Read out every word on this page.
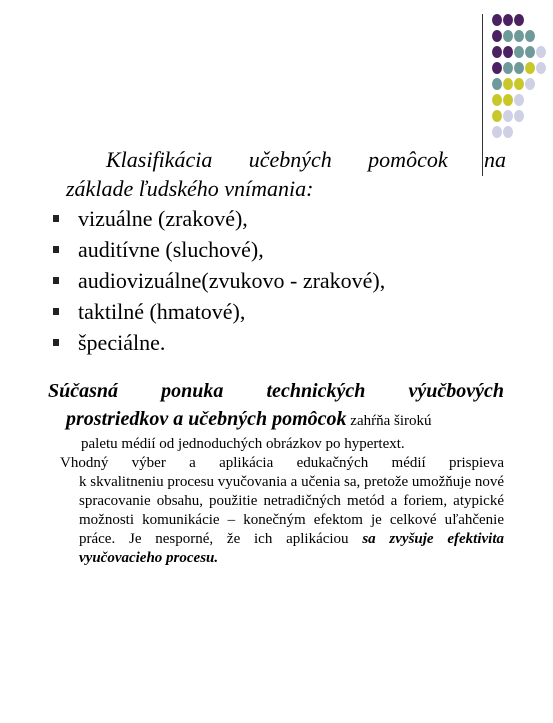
Klasifikácia učebných pomôcok na
základe ľudského vnímania:
vizuálne (zrakové),
auditívne (sluchové),
audiovizuálne(zvukovo - zrakové),
taktilné (hmatové),
špeciálne.
Súčasná ponuka technických výučbových
prostriedkov a učebných pomôcok zahŕňa širokú
paletu médií od jednoduchých obrázkov po hypertext.
Vhodný výber a aplikácia edukačných médií prispieva
k skvalitneniu procesu vyučovania a učenia sa, pretože umožňuje nové spracovanie obsahu, použitie netradičných metód a foriem, atypické možnosti komunikácie – konečným efektom je celkové uľahčenie práce. Je nesporné, že ich aplikáciou sa zvyšuje efektivita vyučovacieho procesu.
